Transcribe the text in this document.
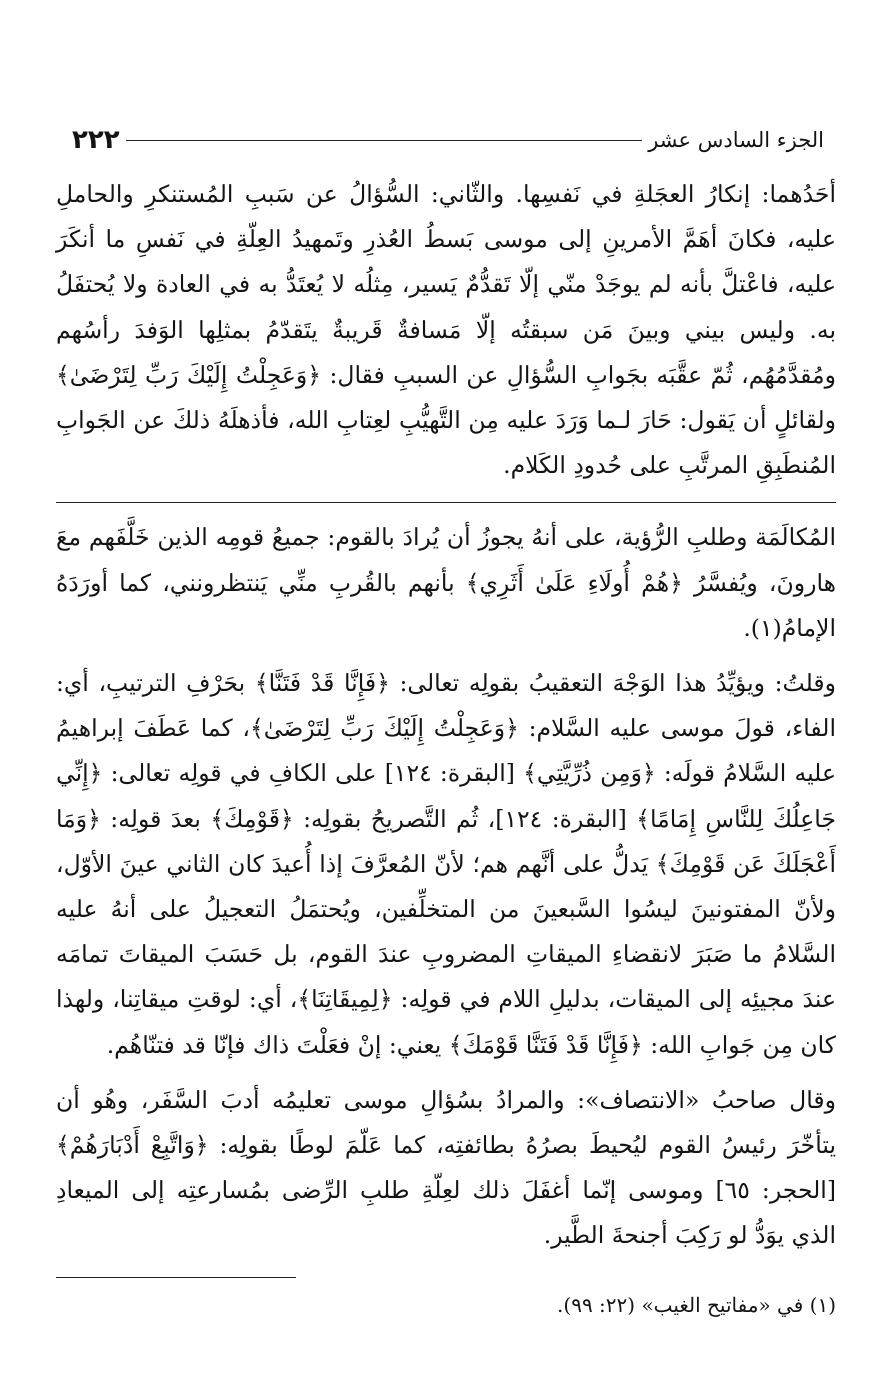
الجزء السادس عشر
٢٢٢

أحَدُهما: إنكارُ العجَلةِ في نَفسِها. والثّاني: السُّؤالُ عن سَببِ المُستنكرِ والحاملِ عليه، فكانَ أهَمَّ الأمرينِ إلى موسى بَسطُ العُذرِ وتَمهيدُ العِلّةِ في نَفسِ ما أنكَرَ عليه، فاعْتلَّ بأنه لم يوجَدْ منّي إلّا تَقدُّمٌ يَسير، مِثلُه لا يُعتَدُّ به في العادة ولا يُحتفَلُ به. وليس بيني وبينَ مَن سبقتُه إلّا مَسافةٌ قَريبةٌ يتَقدّمُ بمثلِها الوَفدَ رأسُهم ومُقدَّمُهُم، ثُمّ عقَّبَه بجَوابِ السُّؤالِ عن السببِ فقال: ﴿وَعَجِلْتُ إِلَيْكَ رَبِّ لِتَرْضَىٰ﴾ ولقائلٍ أن يَقول: حَارَ لـما وَرَدَ عليه مِن التَّهيُّبِ لعِتابِ الله، فأذهلَهُ ذلكَ عن الجَوابِ المُنطَبِقِ المرتَّبِ على حُدودِ الكَلام.

المُكالَمَة وطلبِ الرُّؤية، على أنهُ يجوزُ أن يُرادَ بالقوم: جميعُ قومِه الذين خَلَّفَهم معَ هارونَ، ويُفسَّرُ ﴿هُمْ أُولَاءِ عَلَىٰ أَثَرِي﴾ بأنهم بالقُربِ منِّي يَنتظرونني، كما أورَدَهُ الإمامُ(١).

وقلتُ: ويؤيِّدُ هذا الوَجْهَ التعقيبُ بقولِه تعالى: ﴿فَإِنَّا قَدْ فَتَنَّا﴾ بحَرْفِ الترتيبِ، أي: الفاء، قولَ موسى عليه السَّلام: ﴿وَعَجِلْتُ إِلَيْكَ رَبِّ لِتَرْضَىٰ﴾، كما عَطَفَ إبراهيمُ عليه السَّلامُ قولَه: ﴿وَمِن ذُرِّيَّتِي﴾ [البقرة: ١٢٤] على الكافِ في قولِه تعالى: ﴿إِنِّي جَاعِلُكَ لِلنَّاسِ إِمَامًا﴾ [البقرة: ١٢٤]، ثُم التَّصريحُ بقولِه: ﴿قَوْمِكَ﴾ بعدَ قولِه: ﴿وَمَا أَعْجَلَكَ عَن قَوْمِكَ﴾ يَدلُّ على أنَّهم هم؛ لأنّ المُعرَّفَ إذا أُعيدَ كان الثاني عينَ الأوّل، ولأنّ المفتونينَ ليسُوا السَّبعينَ من المتخلِّفين، ويُحتمَلُ التعجيلُ على أنهُ عليه السَّلامُ ما صَبَرَ لانقضاءِ الميقاتِ المضروبِ عندَ القوم، بل حَسَبَ الميقاتَ تمامَه عندَ مجيئِه إلى الميقات، بدليلِ اللام في قولِه: ﴿لِمِيقَاتِنَا﴾، أي: لوقتِ ميقاتِنا، ولهذا كان مِن جَوابِ الله: ﴿فَإِنَّا قَدْ فَتَنَّا قَوْمَكَ﴾ يعني: إنْ فعَلْتَ ذاك فإنّا قد فتنّاهُم.

وقال صاحبُ «الانتصاف»: والمرادُ بسُؤالِ موسى تعليمُه أدبَ السَّفَر، وهُو أن يتأخّرَ رئيسُ القوم ليُحيطَ بصرُهُ بطائفتِه، كما عَلّمَ لوطًا بقولِه: ﴿وَاتَّبِعْ أَدْبَارَهُمْ﴾ [الحجر: ٦٥] وموسى إنّما أغفَلَ ذلك لعِلّةِ طلبِ الرِّضى بمُسارعتِه إلى الميعادِ الذي يوَدُّ لو رَكِبَ أجنحةَ الطَّير.

(١) في «مفاتيح الغيب» (٢٢: ٩٩).
